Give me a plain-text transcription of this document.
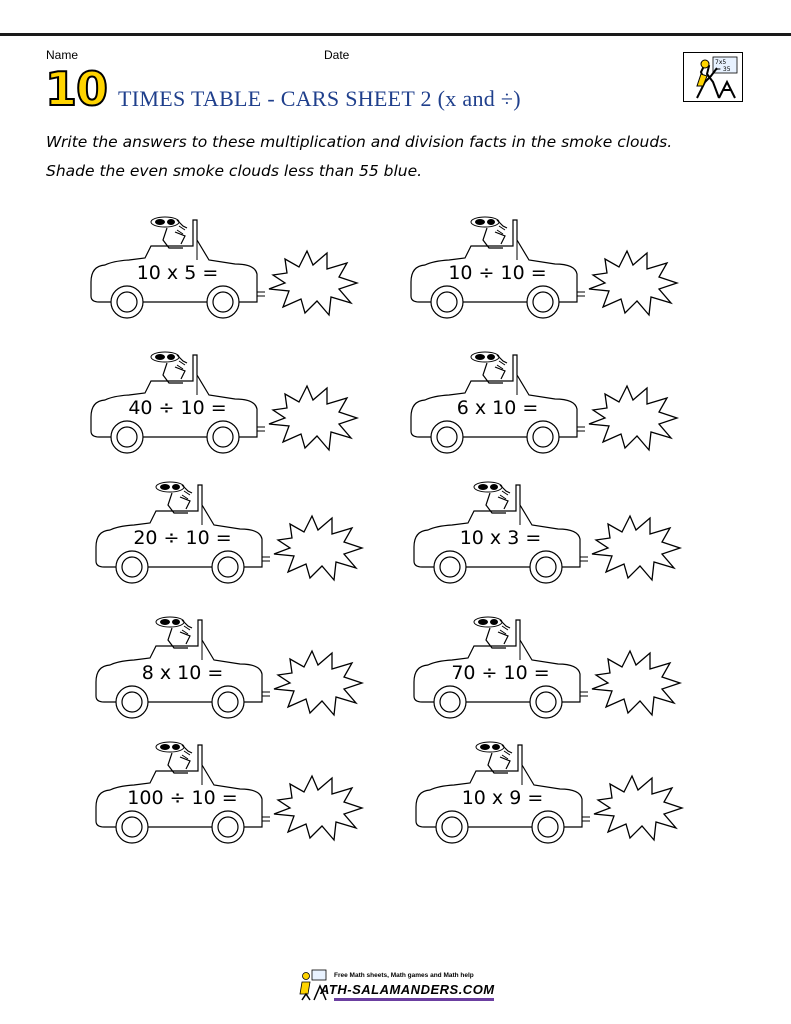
Name	Date
10 TIMES TABLE - CARS SHEET 2 (x and ÷)
7x5
= 35
Write the answers to these multiplication and division facts in the smoke clouds.
Shade the even smoke clouds less than 55 blue.
10 x 5 =	10 ÷ 10 =
40 ÷ 10 =	6 x 10 =
20 ÷ 10 =	10 x 3 =
8 x 10 =	70 ÷ 10 =
100 ÷ 10 =	10 x 9 =
Free Math sheets, Math games and Math help
ATH-SALAMANDERS.COM
